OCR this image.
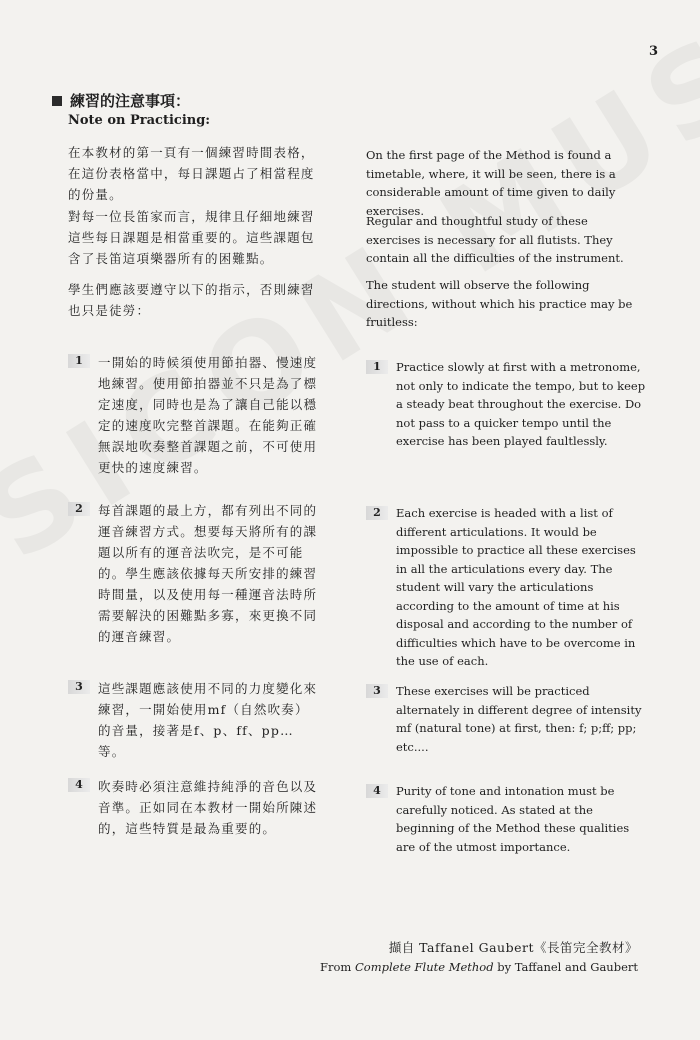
3
練習的注意事項：
Note on Practicing:
在本教材的第一頁有一個練習時間表格，在這份表格當中，每日課題占了相當程度的份量。
對每一位長笛家而言，規律且仔細地練習這些每日課題是相當重要的。這些課題包含了長笛這項樂器所有的困難點。
學生們應該要遵守以下的指示，否則練習也只是徒勞：
On the first page of the Method is found a timetable, where, it will be seen, there is a considerable amount of time given to daily exercises.
Regular and thoughtful study of these exercises is necessary for all flutists. They contain all the difficulties of the instrument.
The student will observe the following directions, without which his practice may be fruitless:
1	一開始的時候須使用節拍器、慢速度地練習。使用節拍器並不只是為了標定速度，同時也是為了讓自己能以穩定的速度吹完整首課題。在能夠正確無誤地吹奏整首課題之前，不可使用更快的速度練習。
1	Practice slowly at first with a metronome, not only to indicate the tempo, but to keep a steady beat throughout the exercise. Do not pass to a quicker tempo until the exercise has been played faultlessly.
2	每首課題的最上方，都有列出不同的運音練習方式。想要每天將所有的課題以所有的運音法吹完，是不可能的。學生應該依據每天所安排的練習時間量，以及使用每一種運音法時所需要解決的困難點多寡，來更換不同的運音練習。
2	Each exercise is headed with a list of different articulations. It would be impossible to practice all these exercises in all the articulations every day. The student will vary the articulations according to the amount of time at his disposal and according to the number of difficulties which have to be overcome in the use of each.
3	這些課題應該使用不同的力度變化來練習，一開始使用mf（自然吹奏）的音量，接著是f、p、ff、pp…等。
3	These exercises will be practiced alternately in different degree of intensity mf (natural tone) at first, then: f; p;ff; pp; etc....
4	吹奏時必須注意維持純淨的音色以及音準。正如同在本教材一開始所陳述的，這些特質是最為重要的。
4	Purity of tone and intonation must be carefully noticed. As stated at the beginning of the Method these qualities are of the utmost importance.
擷自 Taffanel Gaubert《長笛完全教材》
From Complete Flute Method by Taffanel and Gaubert
